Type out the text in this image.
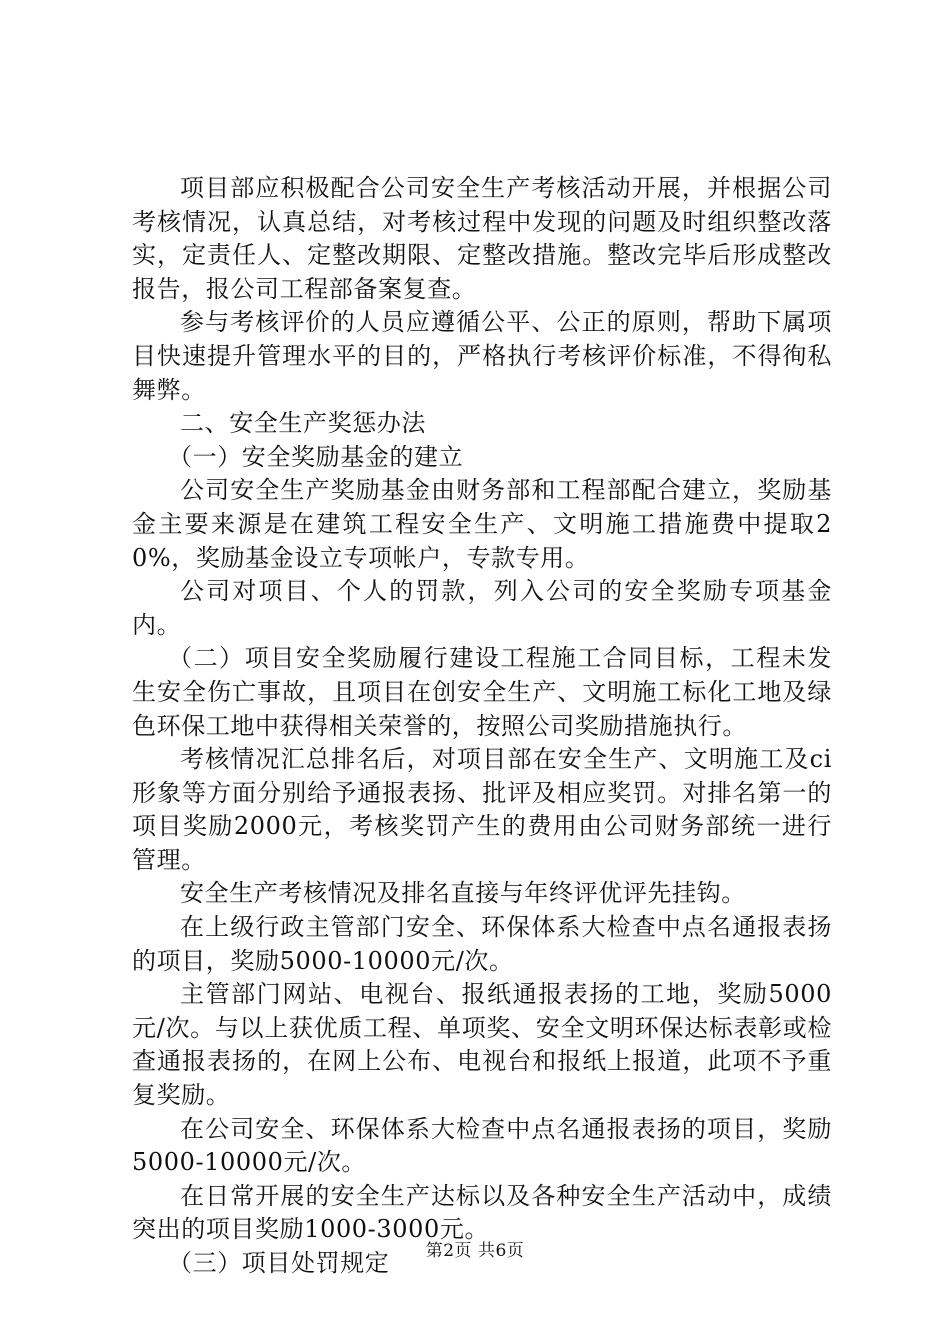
项目部应积极配合公司安全生产考核活动开展，并根据公司考核情况，认真总结，对考核过程中发现的问题及时组织整改落实，定责任人、定整改期限、定整改措施。整改完毕后形成整改报告，报公司工程部备案复查。

参与考核评价的人员应遵循公平、公正的原则，帮助下属项目快速提升管理水平的目的，严格执行考核评价标准，不得徇私舞弊。

二、安全生产奖惩办法

（一）安全奖励基金的建立

公司安全生产奖励基金由财务部和工程部配合建立，奖励基金主要来源是在建筑工程安全生产、文明施工措施费中提取20%，奖励基金设立专项帐户，专款专用。

公司对项目、个人的罚款，列入公司的安全奖励专项基金内。

（二）项目安全奖励履行建设工程施工合同目标，工程未发生安全伤亡事故，且项目在创安全生产、文明施工标化工地及绿色环保工地中获得相关荣誉的，按照公司奖励措施执行。

考核情况汇总排名后，对项目部在安全生产、文明施工及ci形象等方面分别给予通报表扬、批评及相应奖罚。对排名第一的项目奖励2000元，考核奖罚产生的费用由公司财务部统一进行管理。

安全生产考核情况及排名直接与年终评优评先挂钩。

在上级行政主管部门安全、环保体系大检查中点名通报表扬的项目，奖励5000-10000元/次。

主管部门网站、电视台、报纸通报表扬的工地，奖励5000元/次。与以上获优质工程、单项奖、安全文明环保达标表彰或检查通报表扬的，在网上公布、电视台和报纸上报道，此项不予重复奖励。

在公司安全、环保体系大检查中点名通报表扬的项目，奖励5000-10000元/次。

在日常开展的安全生产达标以及各种安全生产活动中，成绩突出的项目奖励1000-3000元。

（三）项目处罚规定	第2页 共6页
